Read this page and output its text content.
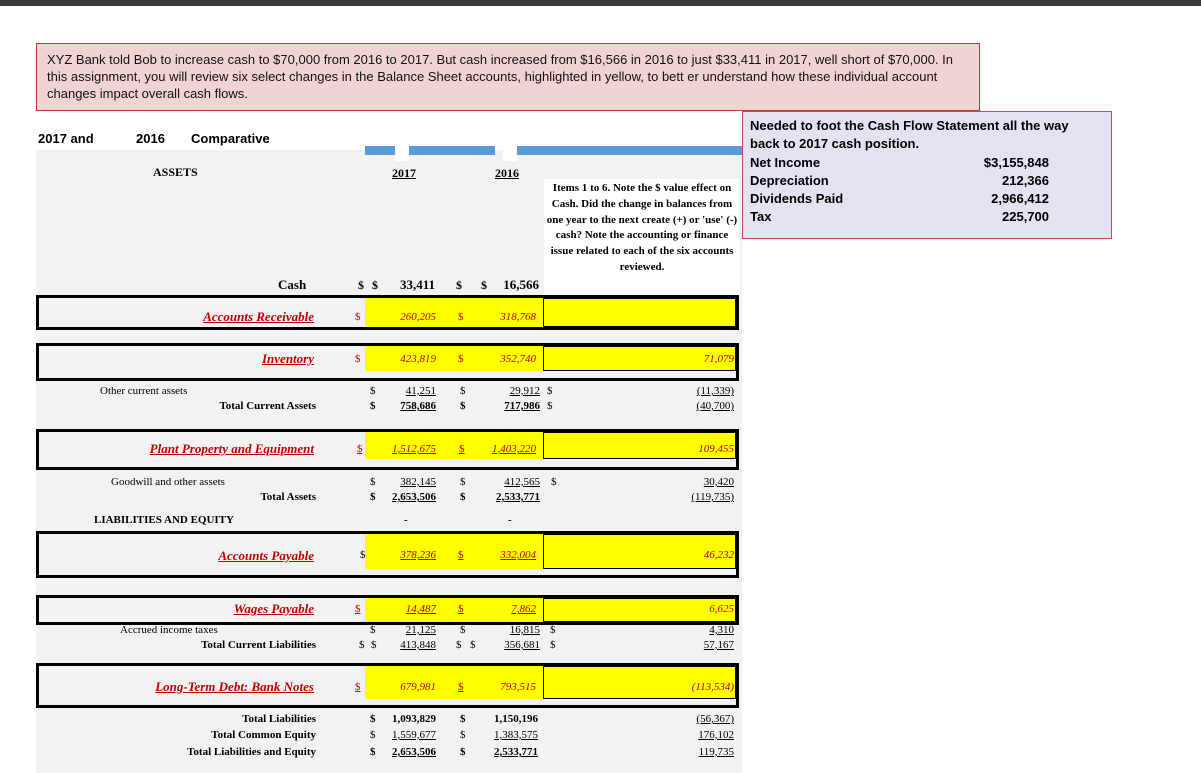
XYZ Bank told Bob to increase cash to $70,000 from 2016 to 2017. But cash increased from $16,566 in 2016 to just $33,411 in 2017, well short of $70,000. In this assignment, you will review six select changes in the Balance Sheet accounts, highlighted in yellow, to bett er understand how these individual account changes impact overall cash flows.
2017 and	2016 Comparative
Needed to foot the Cash Flow Statement all the way
back to 2017 cash position.
Net Income	$3,155,848
Depreciation	212,366
Dividends Paid	2,966,412
Tax	225,700
ASSETS	2017	2016
Items 1 to 6. Note the $ value effect on Cash. Did the change in balances from one year to the next create (+) or 'use' (-) cash? Note the accounting or finance issue related to each of the six accounts reviewed.
Cash	$ $	33,411 $ $	16,566
Accounts Receivable	$	260,205 $	318,768
Inventory	$	423,819 $	352,740	71,079
Other current assets	$	41,251 $	29,912 $	(11,339)
Total Current Assets	$	758,686 $	717,986 $	(40,700)
Plant Property and Equipment	$	1,512,675 $	1,403,220	109,455
Goodwill and other assets	$	382,145 $	412,565 $	30,420
Total Assets	$	2,653,506 $	2,533,771	(119,735)
LIABILITIES AND EQUITY	-	-
Accounts Payable	$	378,236 $	332,004	46,232
Wages Payable	$	14,487 $	7,862	6,625
Accrued income taxes	$	21,125 $	16,815 $	4,310
Total Current Liabilities	$ $	413,848 $ $	356,681 $	57,167
Long-Term Debt: Bank Notes	$	679,981 $	793,515	(113,534)
Total Liabilities	$	1,093,829 $	1,150,196	(56,367)
Total Common Equity	$	1,559,677 $	1,383,575	176,102
Total Liabilities and Equity	$	2,653,506 $	2,533,771	119,735
